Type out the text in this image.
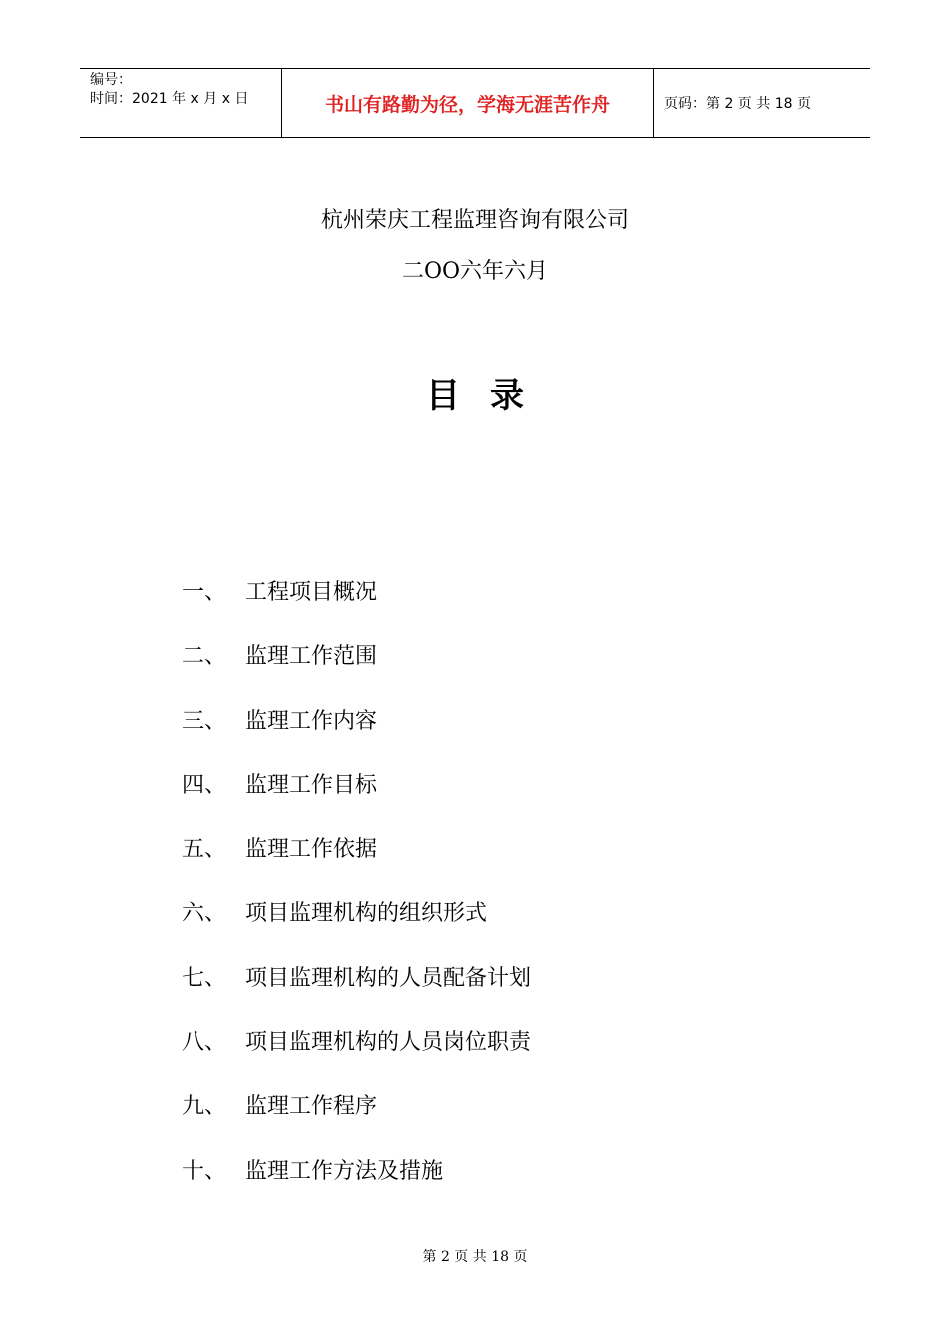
编号：
时间：2021 年 x 月 x 日	书山有路勤为径，学海无涯苦作舟	页码：第 2 页 共 18 页
杭州荣庆工程监理咨询有限公司
二OO六年六月
目录
一、 工程项目概况
二、 监理工作范围
三、 监理工作内容
四、 监理工作目标
五、 监理工作依据
六、 项目监理机构的组织形式
七、 项目监理机构的人员配备计划
八、 项目监理机构的人员岗位职责
九、 监理工作程序
十、 监理工作方法及措施
第 2 页 共 18 页
